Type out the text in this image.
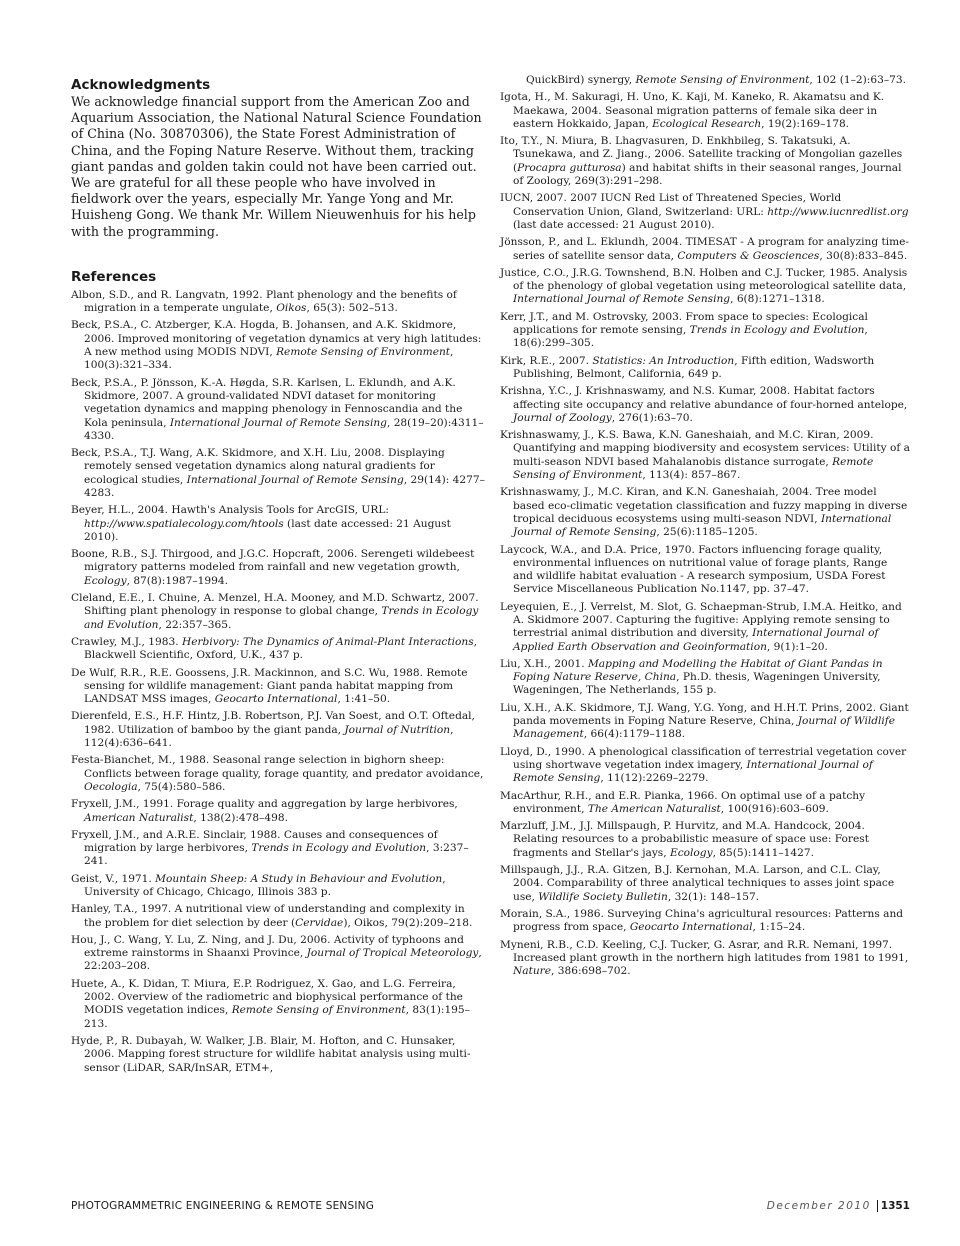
Acknowledgments

We acknowledge financial support from the American Zoo and Aquarium Association, the National Natural Science Foundation of China (No. 30870306), the State Forest Administration of China, and the Foping Nature Reserve. Without them, tracking giant pandas and golden takin could not have been carried out. We are grateful for all these people who have involved in fieldwork over the years, especially Mr. Yange Yong and Mr. Huisheng Gong. We thank Mr. Willem Nieuwenhuis for his help with the programming.

References

Albon, S.D., and R. Langvatn, 1992. Plant phenology and the benefits of migration in a temperate ungulate, Oikos, 65(3): 502–513.

Beck, P.S.A., C. Atzberger, K.A. Hogda, B. Johansen, and A.K. Skidmore, 2006. Improved monitoring of vegetation dynamics at very high latitudes: A new method using MODIS NDVI, Remote Sensing of Environment, 100(3):321–334.

Beck, P.S.A., P. Jönsson, K.-A. Høgda, S.R. Karlsen, L. Eklundh, and A.K. Skidmore, 2007. A ground-validated NDVI dataset for monitoring vegetation dynamics and mapping phenology in Fennoscandia and the Kola peninsula, International Journal of Remote Sensing, 28(19–20):4311–4330.

Beck, P.S.A., T.J. Wang, A.K. Skidmore, and X.H. Liu, 2008. Displaying remotely sensed vegetation dynamics along natural gradients for ecological studies, International Journal of Remote Sensing, 29(14): 4277–4283.

Beyer, H.L., 2004. Hawth's Analysis Tools for ArcGIS, URL: http://www.spatialecology.com/htools (last date accessed: 21 August 2010).

Boone, R.B., S.J. Thirgood, and J.G.C. Hopcraft, 2006. Serengeti wildebeest migratory patterns modeled from rainfall and new vegetation growth, Ecology, 87(8):1987–1994.

Cleland, E.E., I. Chuine, A. Menzel, H.A. Mooney, and M.D. Schwartz, 2007. Shifting plant phenology in response to global change, Trends in Ecology and Evolution, 22:357–365.

Crawley, M.J., 1983. Herbivory: The Dynamics of Animal-Plant Interactions, Blackwell Scientific, Oxford, U.K., 437 p.

De Wulf, R.R., R.E. Goossens, J.R. Mackinnon, and S.C. Wu, 1988. Remote sensing for wildlife management: Giant panda habitat mapping from LANDSAT MSS images, Geocarto International, 1:41–50.

Dierenfeld, E.S., H.F. Hintz, J.B. Robertson, P.J. Van Soest, and O.T. Oftedal, 1982. Utilization of bamboo by the giant panda, Journal of Nutrition, 112(4):636–641.

Festa-Bianchet, M., 1988. Seasonal range selection in bighorn sheep: Conflicts between forage quality, forage quantity, and predator avoidance, Oecologia, 75(4):580–586.

Fryxell, J.M., 1991. Forage quality and aggregation by large herbivores, American Naturalist, 138(2):478–498.

Fryxell, J.M., and A.R.E. Sinclair, 1988. Causes and consequences of migration by large herbivores, Trends in Ecology and Evolution, 3:237–241.

Geist, V., 1971. Mountain Sheep: A Study in Behaviour and Evolution, University of Chicago, Chicago, Illinois 383 p.

Hanley, T.A., 1997. A nutritional view of understanding and complexity in the problem for diet selection by deer (Cervidae), Oikos, 79(2):209–218.

Hou, J., C. Wang, Y. Lu, Z. Ning, and J. Du, 2006. Activity of typhoons and extreme rainstorms in Shaanxi Province, Journal of Tropical Meteorology, 22:203–208.

Huete, A., K. Didan, T. Miura, E.P. Rodriguez, X. Gao, and L.G. Ferreira, 2002. Overview of the radiometric and biophysical performance of the MODIS vegetation indices, Remote Sensing of Environment, 83(1):195–213.

Hyde, P., R. Dubayah, W. Walker, J.B. Blair, M. Hofton, and C. Hunsaker, 2006. Mapping forest structure for wildlife habitat analysis using multi-sensor (LiDAR, SAR/InSAR, ETM+,

QuickBird) synergy, Remote Sensing of Environment, 102 (1–2):63–73.

Igota, H., M. Sakuragi, H. Uno, K. Kaji, M. Kaneko, R. Akamatsu and K. Maekawa, 2004. Seasonal migration patterns of female sika deer in eastern Hokkaido, Japan, Ecological Research, 19(2):169–178.

Ito, T.Y., N. Miura, B. Lhagvasuren, D. Enkhbileg, S. Takatsuki, A. Tsunekawa, and Z. Jiang., 2006. Satellite tracking of Mongolian gazelles (Procapra gutturosa) and habitat shifts in their seasonal ranges, Journal of Zoology, 269(3):291–298.

IUCN, 2007. 2007 IUCN Red List of Threatened Species, World Conservation Union, Gland, Switzerland: URL: http://www.iucnredlist.org (last date accessed: 21 August 2010).

Jönsson, P., and L. Eklundh, 2004. TIMESAT - A program for analyzing time-series of satellite sensor data, Computers & Geosciences, 30(8):833–845.

Justice, C.O., J.R.G. Townshend, B.N. Holben and C.J. Tucker, 1985. Analysis of the phenology of global vegetation using meteorological satellite data, International Journal of Remote Sensing, 6(8):1271–1318.

Kerr, J.T., and M. Ostrovsky, 2003. From space to species: Ecological applications for remote sensing, Trends in Ecology and Evolution, 18(6):299–305.

Kirk, R.E., 2007. Statistics: An Introduction, Fifth edition, Wadsworth Publishing, Belmont, California, 649 p.

Krishna, Y.C., J. Krishnaswamy, and N.S. Kumar, 2008. Habitat factors affecting site occupancy and relative abundance of four-horned antelope, Journal of Zoology, 276(1):63–70.

Krishnaswamy, J., K.S. Bawa, K.N. Ganeshaiah, and M.C. Kiran, 2009. Quantifying and mapping biodiversity and ecosystem services: Utility of a multi-season NDVI based Mahalanobis distance surrogate, Remote Sensing of Environment, 113(4): 857–867.

Krishnaswamy, J., M.C. Kiran, and K.N. Ganeshaiah, 2004. Tree model based eco-climatic vegetation classification and fuzzy mapping in diverse tropical deciduous ecosystems using multi-season NDVI, International Journal of Remote Sensing, 25(6):1185–1205.

Laycock, W.A., and D.A. Price, 1970. Factors influencing forage quality, environmental influences on nutritional value of forage plants, Range and wildlife habitat evaluation - A research symposium, USDA Forest Service Miscellaneous Publication No.1147, pp. 37–47.

Leyequien, E., J. Verrelst, M. Slot, G. Schaepman-Strub, I.M.A. Heitko, and A. Skidmore 2007. Capturing the fugitive: Applying remote sensing to terrestrial animal distribution and diversity, International Journal of Applied Earth Observation and Geoinformation, 9(1):1–20.

Liu, X.H., 2001. Mapping and Modelling the Habitat of Giant Pandas in Foping Nature Reserve, China, Ph.D. thesis, Wageningen University, Wageningen, The Netherlands, 155 p.

Liu, X.H., A.K. Skidmore, T.J. Wang, Y.G. Yong, and H.H.T. Prins, 2002. Giant panda movements in Foping Nature Reserve, China, Journal of Wildlife Management, 66(4):1179–1188.

Lloyd, D., 1990. A phenological classification of terrestrial vegetation cover using shortwave vegetation index imagery, International Journal of Remote Sensing, 11(12):2269–2279.

MacArthur, R.H., and E.R. Pianka, 1966. On optimal use of a patchy environment, The American Naturalist, 100(916):603–609.

Marzluff, J.M., J.J. Millspaugh, P. Hurvitz, and M.A. Handcock, 2004. Relating resources to a probabilistic measure of space use: Forest fragments and Stellar's jays, Ecology, 85(5):1411–1427.

Millspaugh, J.J., R.A. Gitzen, B.J. Kernohan, M.A. Larson, and C.L. Clay, 2004. Comparability of three analytical techniques to asses joint space use, Wildlife Society Bulletin, 32(1): 148–157.

Morain, S.A., 1986. Surveying China's agricultural resources: Patterns and progress from space, Geocarto International, 1:15–24.

Myneni, R.B., C.D. Keeling, C.J. Tucker, G. Asrar, and R.R. Nemani, 1997. Increased plant growth in the northern high latitudes from 1981 to 1991, Nature, 386:698–702.

PHOTOGRAMMETRIC ENGINEERING & REMOTE SENSING	December 2010 1351
